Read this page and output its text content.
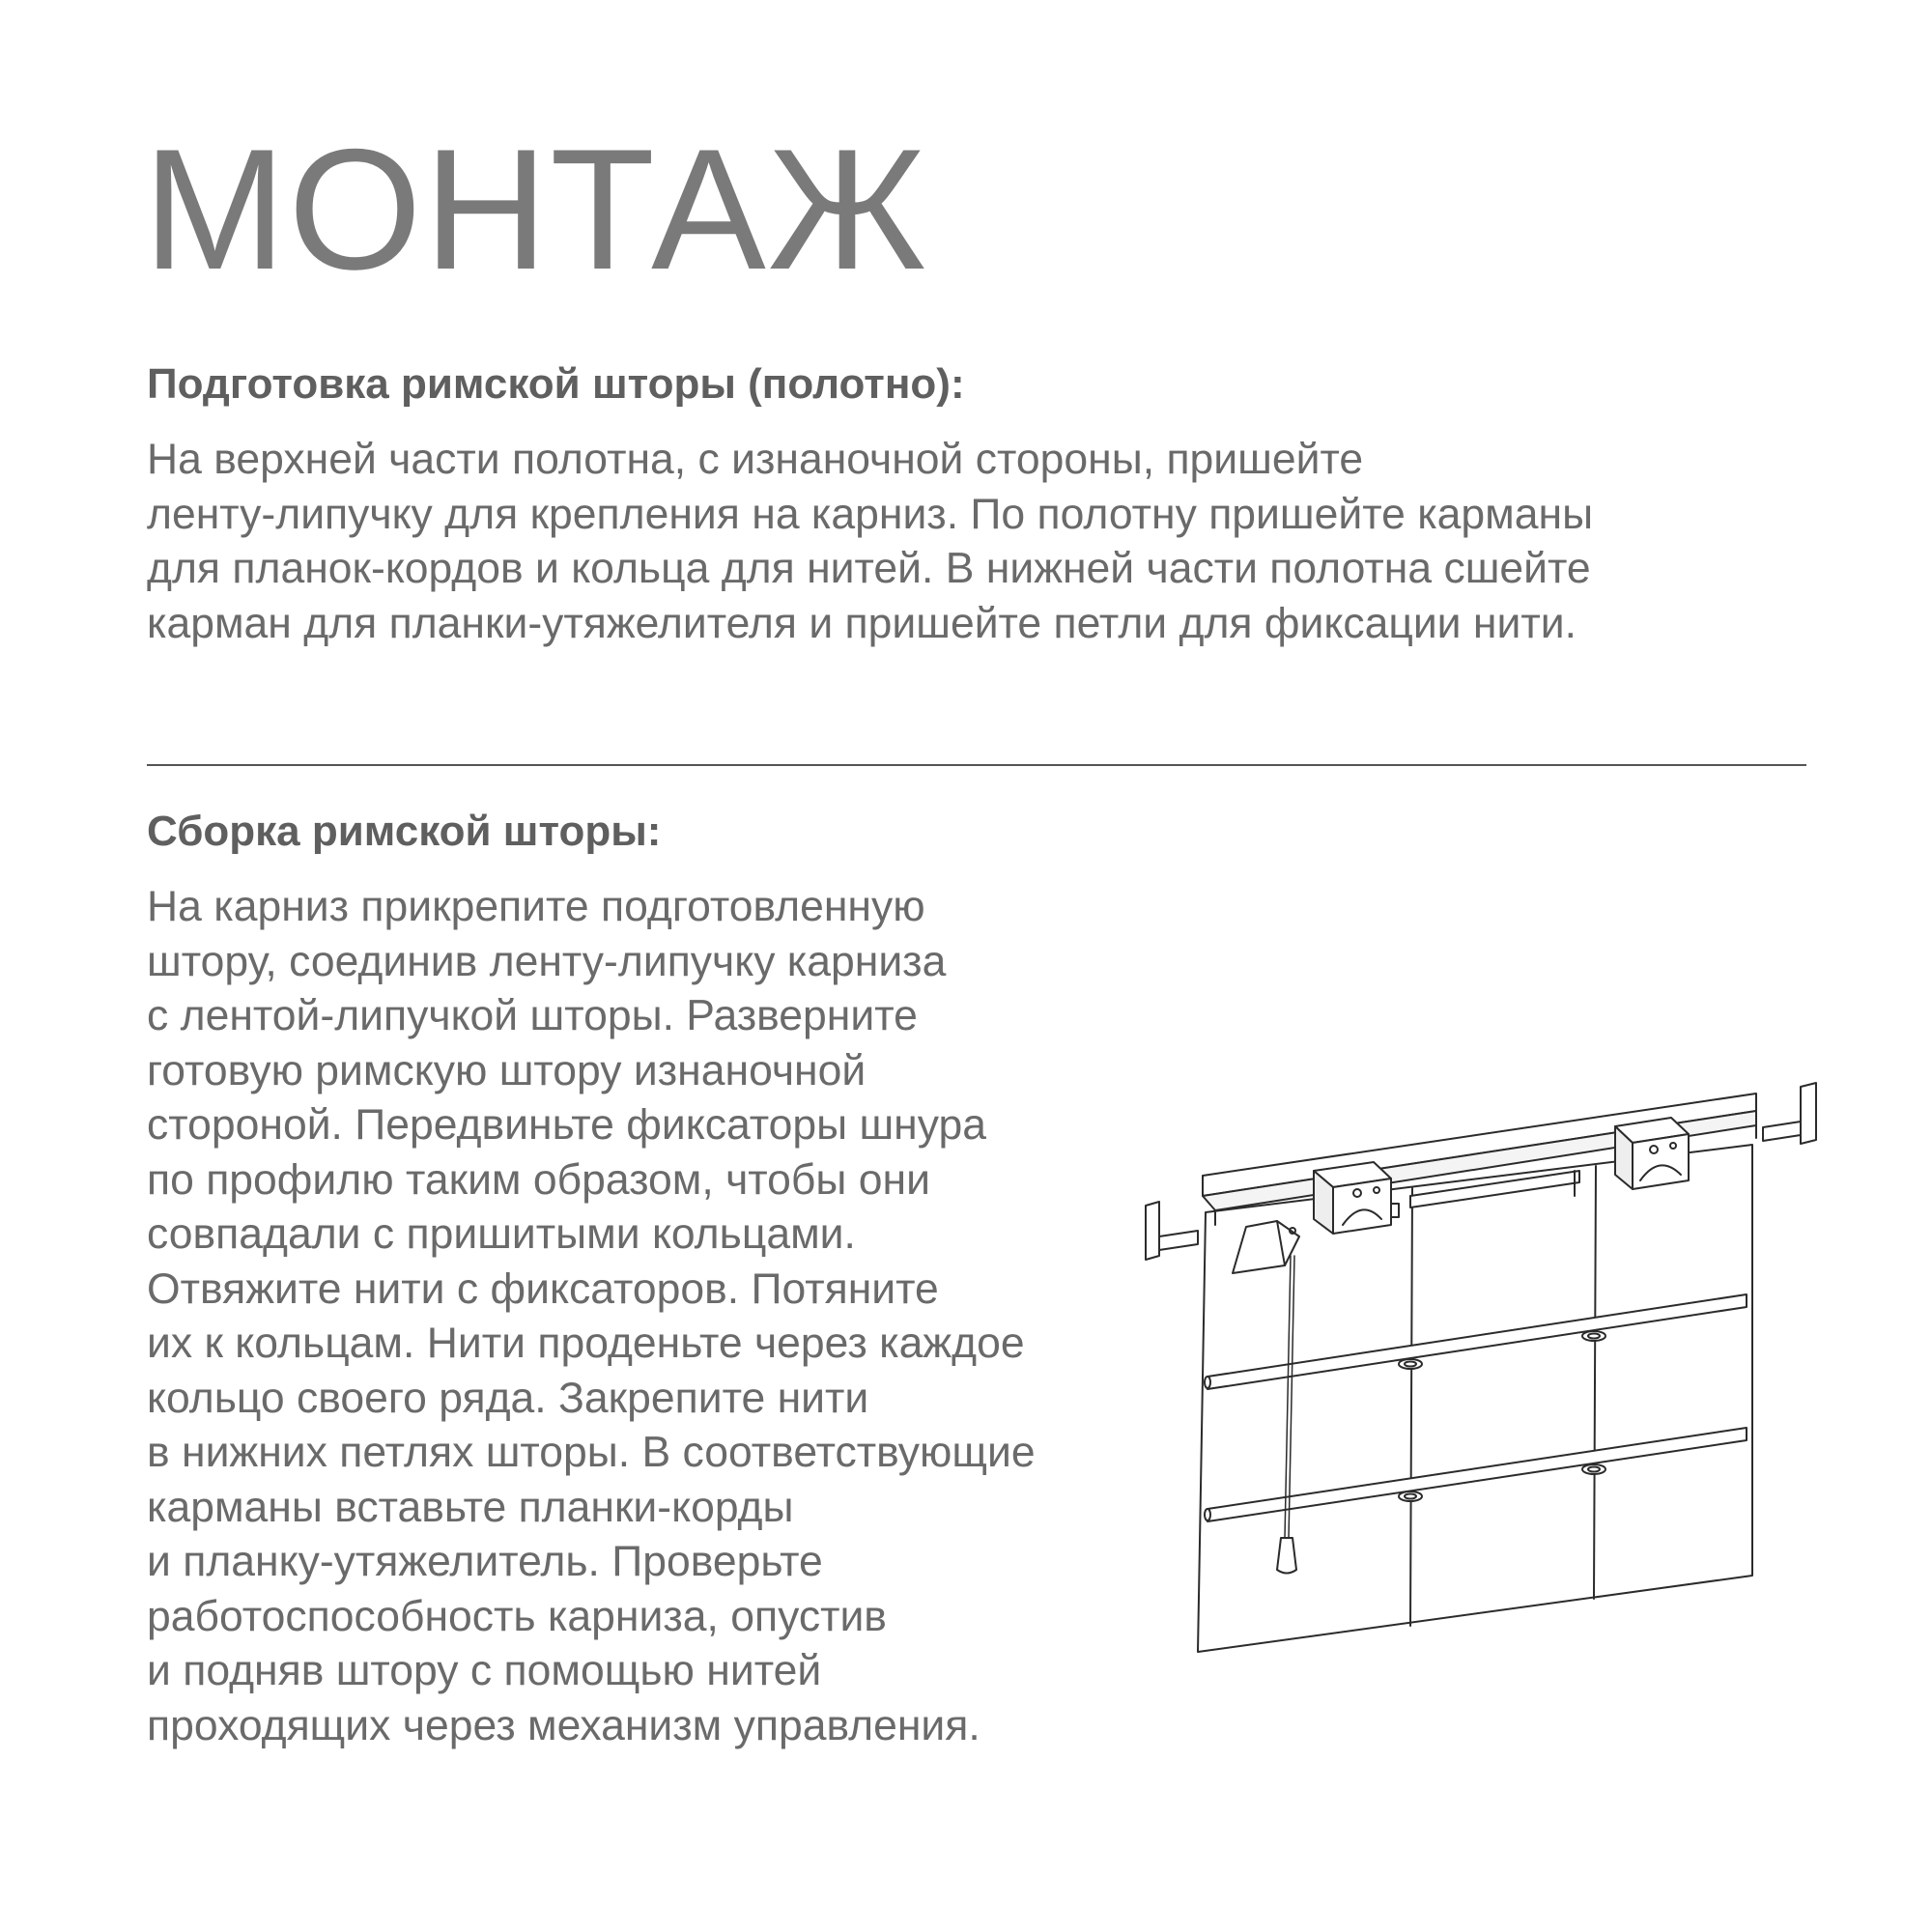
МОНТАЖ
Подготовка римской шторы (полотно):
На верхней части полотна, с изнаночной стороны, пришейте
ленту-липучку для крепления на карниз. По полотну пришейте карманы
для планок-кордов и кольца для нитей. В нижней части полотна сшейте
карман для планки-утяжелителя и пришейте петли для фиксации нити.
Сборка римской шторы:
На карниз прикрепите подготовленную
штору, соединив ленту-липучку карниза
с лентой-липучкой шторы. Разверните
готовую римскую штору изнаночной
стороной. Передвиньте фиксаторы шнура
по профилю таким образом, чтобы они
совпадали с пришитыми кольцами.
Отвяжите нити с фиксаторов. Потяните
их к кольцам. Нити проденьте через каждое
кольцо своего ряда. Закрепите нити
в нижних петлях шторы. В соответствующие
карманы вставьте планки-корды
и планку-утяжелитель. Проверьте
работоспособность карниза, опустив
и подняв штору с помощью нитей
проходящих через механизм управления.
